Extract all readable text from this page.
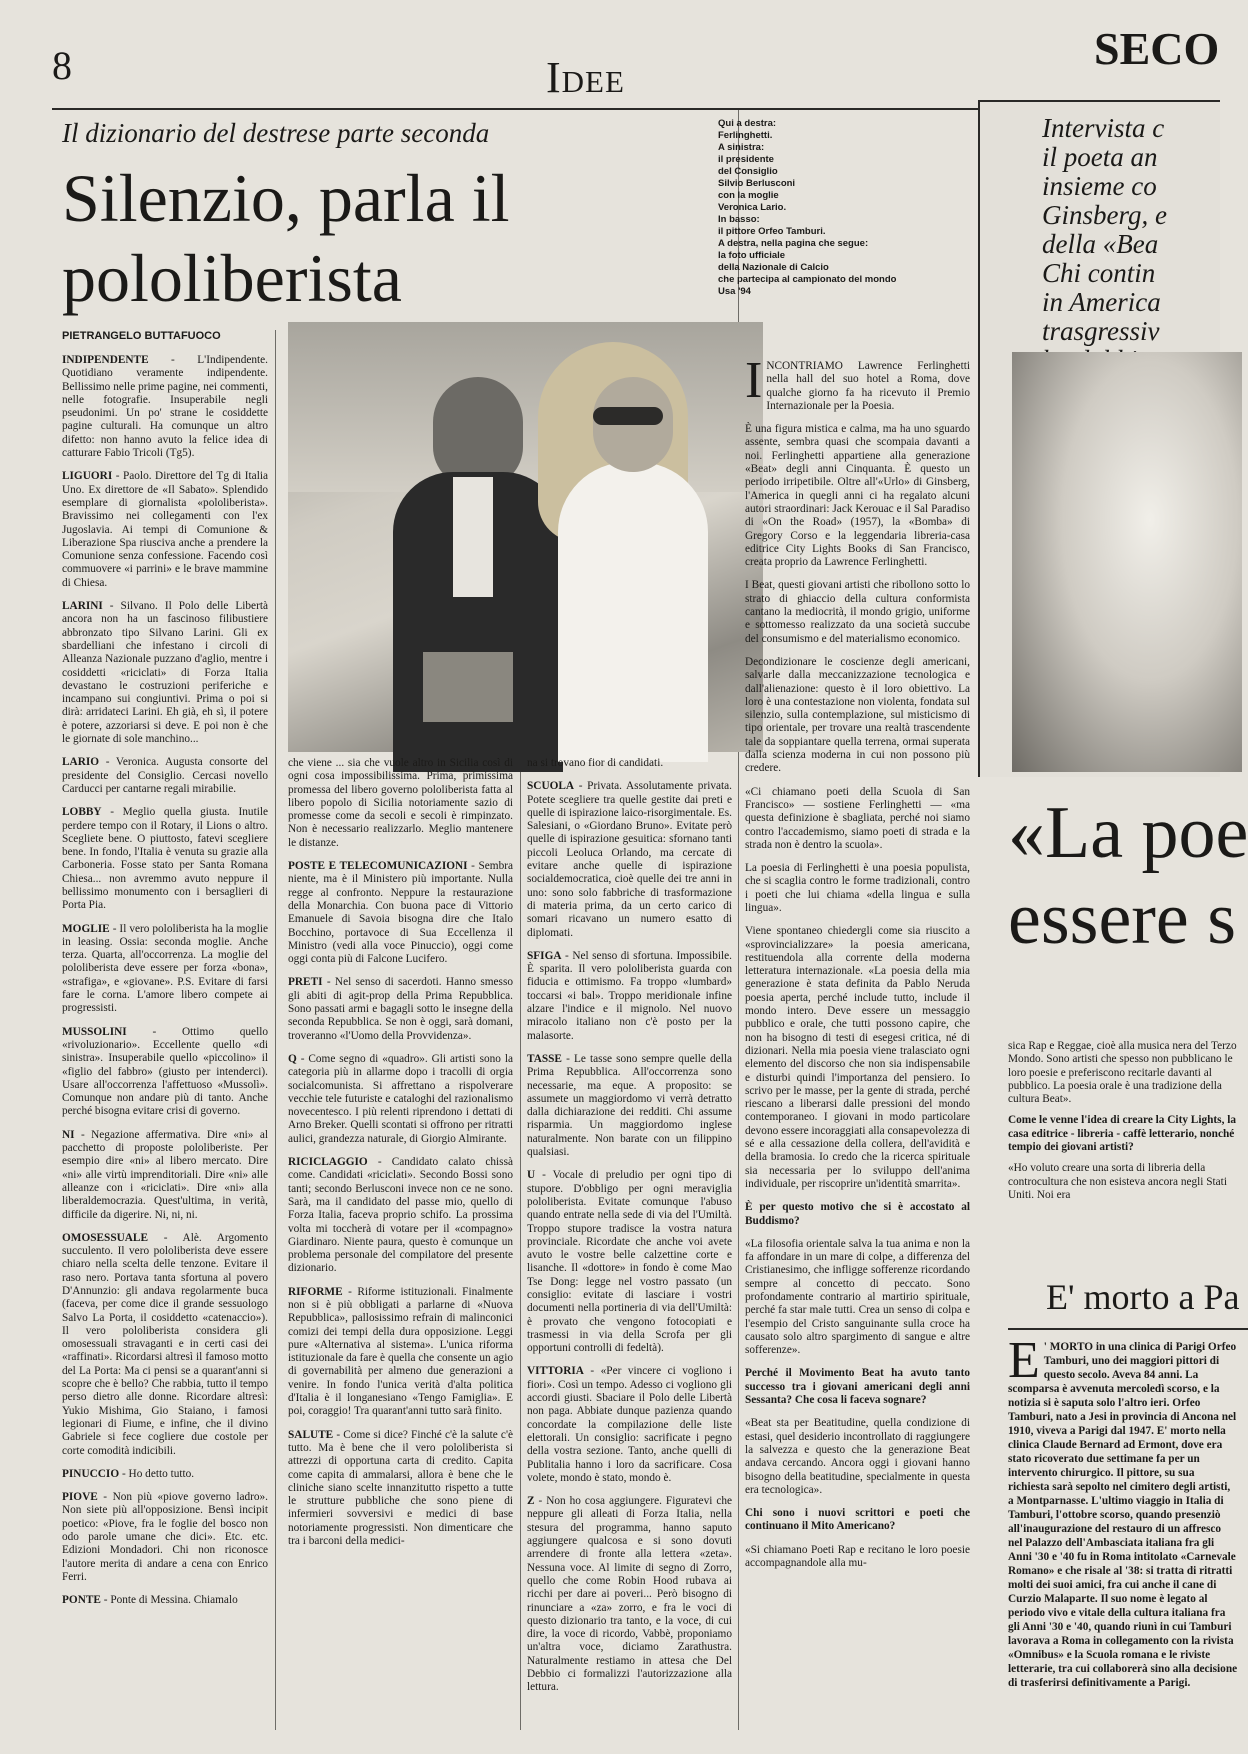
8	Idee
SECO
Il dizionario del destrese parte seconda
Silenzio, parla il pololiberista
PIETRANGELO BUTTAFUOCO
Qui a destra:
Ferlinghetti.
A sinistra:
il presidente
del Consiglio
Silvio Berlusconi
con la moglie
Veronica Lario.
In basso:
il pittore Orfeo Tamburi.
A destra, nella pagina che segue:
la foto ufficiale
della Nazionale di Calcio
che partecipa al campionato del mondo
Usa '94

INDIPENDENTE - L'Indipendente. Quotidiano veramente indipendente. Bellissimo nelle prime pagine, nei commenti, nelle fotografie. Insuperabile negli pseudonimi. Un po' strane le cosiddette pagine culturali. Ha comunque un altro difetto: non hanno avuto la felice idea di catturare Fabio Tricoli (Tg5).

LIGUORI - Paolo. Direttore del Tg di Italia Uno. Ex direttore de «Il Sabato». Splendido esemplare di giornalista «pololiberista». Bravissimo nei collegamenti con l'ex Jugoslavia. Ai tempi di Comunione & Liberazione Spa riusciva anche a prendere la Comunione senza confessione. Facendo così commuovere «i parrini» e le brave mammine di Chiesa.

LARINI - Silvano. Il Polo delle Libertà ancora non ha un fascinoso filibustiere abbronzato tipo Silvano Larini. Gli ex sbardelliani che infestano i circoli di Alleanza Nazionale puzzano d'aglio, mentre i cosiddetti «riciclati» di Forza Italia devastano le costruzioni periferiche e incampano sui congiuntivi. Prima o poi si dirà: arridateci Larini. Eh già, eh sì, il potere è potere, azzoriarsi si deve. E poi non è che le giornate di sole manchino...

LARIO - Veronica. Augusta consorte del presidente del Consiglio. Cercasi novello Carducci per cantarne regali mirabilie.

LOBBY - Meglio quella giusta. Inutile perdere tempo con il Rotary, il Lions o altro. Scegliete bene. O piuttosto, fatevi scegliere bene. In fondo, l'Italia è venuta su grazie alla Carboneria. Fosse stato per Santa Romana Chiesa... non avremmo avuto neppure il bellissimo monumento con i bersaglieri di Porta Pia.

MOGLIE - Il vero pololiberista ha la moglie in leasing. Ossia: seconda moglie. Anche terza. Quarta, all'occorrenza. La moglie del pololiberista deve essere per forza «bona», «strafiga», e «giovane». P.S. Evitare di farsi fare le corna. L'amore libero compete ai progressisti.

MUSSOLINI - Ottimo quello «rivoluzionario». Eccellente quello «di sinistra». Insuperabile quello «piccolino» il «figlio del fabbro» (giusto per intenderci). Usare all'occorrenza l'affettuoso «Mussolì». Comunque non andare più di tanto. Anche perché bisogna evitare crisi di governo.

NI - Negazione affermativa. Dire «ni» al pacchetto di proposte pololiberiste. Per esempio dire «ni» al libero mercato. Dire «ni» alle virtù imprenditoriali. Dire «ni» alle alleanze con i «riciclati». Dire «ni» alla liberaldemocrazia. Quest'ultima, in verità, difficile da digerire. Ni, ni, ni.

OMOSESSUALE - Alè. Argomento succulento. Il vero pololiberista deve essere chiaro nella scelta delle tenzone. Evitare il raso nero. Portava tanta sfortuna al povero D'Annunzio: gli andava regolarmente buca (faceva, per come dice il grande sessuologo Salvo La Porta, il cosiddetto «catenaccio»). Il vero pololiberista considera gli omosessuali stravaganti e in certi casi dei «raffinati». Ricordarsi altresì il famoso motto del La Porta: Ma ci pensi se a quarant'anni si scopre che è bello? Che rabbia, tutto il tempo perso dietro alle donne. Ricordare altresì: Yukio Mishima, Gio Staiano, i famosi legionari di Fiume, e infine, che il divino Gabriele si fece cogliere due costole per corte comodità indicibili.

PINUCCIO - Ho detto tutto.

PIOVE - Non più «piove governo ladro». Non siete più all'opposizione. Bensì incipit poetico: «Piove, fra le foglie del bosco non odo parole umane che dici». Etc. etc. Edizioni Mondadori. Chi non riconosce l'autore merita di andare a cena con Enrico Ferri.

PONTE - Ponte di Messina. Chiamalo

che viene ... sia che vuole altro in Sicilia così di ogni cosa impossibilissima. Prima, primissima promessa del libero governo pololiberista fatta al libero popolo di Sicilia notoriamente sazio di promesse come da secoli e secoli è rimpinzato. Non è necessario realizzarlo. Meglio mantenere le distanze.

POSTE E TELECOMUNICAZIONI - Sembra niente, ma è il Ministero più importante. Nulla regge al confronto. Neppure la restaurazione della Monarchia. Con buona pace di Vittorio Emanuele di Savoia bisogna dire che Italo Bocchino, portavoce di Sua Eccellenza il Ministro (vedi alla voce Pinuccio), oggi come oggi conta più di Falcone Lucifero.

PRETI - Nel senso di sacerdoti. Hanno smesso gli abiti di agit-prop della Prima Repubblica. Sono passati armi e bagagli sotto le insegne della seconda Repubblica. Se non è oggi, sarà domani, troveranno «l'Uomo della Provvidenza».

Q - Come segno di «quadro». Gli artisti sono la categoria più in allarme dopo i tracolli di orgia socialcomunista. Si affrettano a rispolverare vecchie tele futuriste e cataloghi del razionalismo novecentesco. I più relenti riprendono i dettati di Arno Breker. Quelli scontati si offrono per ritratti aulici, grandezza naturale, di Giorgio Almirante.

RICICLAGGIO - Candidato calato chissà come. Candidati «riciclati». Secondo Bossi sono tanti; secondo Berlusconi invece non ce ne sono. Sarà, ma il candidato del passe mio, quello di Forza Italia, faceva proprio schifo. La prossima volta mi toccherà di votare per il «compagno» Giardinaro. Niente paura, questo è comunque un problema personale del compilatore del presente dizionario.

RIFORME - Riforme istituzionali. Finalmente non si è più obbligati a parlarne di «Nuova Repubblica», pallosissimo refrain di malinconici comizi dei tempi della dura opposizione. Leggi pure «Alternativa al sistema». L'unica riforma istituzionale da fare è quella che consente un agio di governabilità per almeno due generazioni a venire. In fondo l'unica verità d'alta politica d'Italia è il longanesiano «Tengo Famiglia». E poi, coraggio! Tra quarant'anni tutto sarà finito.

SALUTE - Come si dice? Finché c'è la salute c'è tutto. Ma è bene che il vero pololiberista si attrezzi di opportuna carta di credito. Capita come capita di ammalarsi, allora è bene che le cliniche siano scelte innanzitutto rispetto a tutte le strutture pubbliche che sono piene di infermieri sovversivi e medici di base notoriamente progressisti. Non dimenticare che tra i barconi della medici-

na si trovano fior di candidati.

SCUOLA - Privata. Assolutamente privata. Potete scegliere tra quelle gestite dai preti e quelle di ispirazione laico-risorgimentale. Es. Salesiani, o «Giordano Bruno». Evitate però quelle di ispirazione gesuitica: sfornano tanti piccoli Leoluca Orlando, ma cercate di evitare anche quelle di ispirazione socialdemocratica, cioè quelle dei tre anni in uno: sono solo fabbriche di trasformazione di materia prima, da un certo carico di somari ricavano un numero esatto di diplomati.

SFIGA - Nel senso di sfortuna. Impossibile. È sparita. Il vero pololiberista guarda con fiducia e ottimismo. Fa troppo «lumbard» toccarsi «i bal». Troppo meridionale infine alzare l'indice e il mignolo. Nel nuovo miracolo italiano non c'è posto per la malasorte.

TASSE - Le tasse sono sempre quelle della Prima Repubblica. All'occorrenza sono necessarie, ma eque. A proposito: se assumete un maggiordomo vi verrà detratto dalla dichiarazione dei redditi. Chi assume risparmia. Un maggiordomo inglese naturalmente. Non barate con un filippino qualsiasi.

U - Vocale di preludio per ogni tipo di stupore. D'obbligo per ogni meraviglia pololiberista. Evitate comunque l'abuso quando entrate nella sede di via del l'Umiltà. Troppo stupore tradisce la vostra natura provinciale. Ricordate che anche voi avete avuto le vostre belle calzettine corte e lisanche. Il «dottore» in fondo è come Mao Tse Dong: legge nel vostro passato (un consiglio: evitate di lasciare i vostri documenti nella portineria di via dell'Umiltà: è provato che vengono fotocopiati e trasmessi in via della Scrofa per gli opportuni controlli di fedeltà).

VITTORIA - «Per vincere ci vogliono i fiori». Così un tempo. Adesso ci vogliono gli accordi giusti. Sbaciare il Polo delle Libertà non paga. Abbiate dunque pazienza quando concordate la compilazione delle liste elettorali. Un consiglio: sacrificate i pegno della vostra sezione. Tanto, anche quelli di Publitalia hanno i loro da sacrificare. Cosa volete, mondo è stato, mondo è.

Z - Non ho cosa aggiungere. Figuratevi che neppure gli alleati di Forza Italia, nella stesura del programma, hanno saputo aggiungere qualcosa e si sono dovuti arrendere di fronte alla lettera «zeta». Nessuna voce. Al limite di segno di Zorro, quello che come Robin Hood rubava ai ricchi per dare ai poveri... Però bisogno di rinunciare a «za» zorro, e fra le voci di questo dizionario tra tanto, e la voce, di cui dire, la voce di ricordo, Vabbè, proponiamo un'altra voce, diciamo Zarathustra. Naturalmente restiamo in attesa che Del Debbio ci formalizzi l'autorizzazione alla lettura.

INCONTRIAMO Lawrence Ferlinghetti nella hall del suo hotel a Roma, dove qualche giorno fa ha ricevuto il Premio Internazionale per la Poesia.

È una figura mistica e calma, ma ha uno sguardo assente, sembra quasi che scompaia davanti a noi. Ferlinghetti appartiene alla generazione «Beat» degli anni Cinquanta. È questo un periodo irripetibile. Oltre all'«Urlo» di Ginsberg, l'America in quegli anni ci ha regalato alcuni autori straordinari: Jack Kerouac e il Sal Paradiso di «On the Road» (1957), la «Bomba» di Gregory Corso e la leggendaria libreria-casa editrice City Lights Books di San Francisco, creata proprio da Lawrence Ferlinghetti.

I Beat, questi giovani artisti che ribollono sotto lo strato di ghiaccio della cultura conformista cantano la mediocrità, il mondo grigio, uniforme e sottomesso realizzato da una società succube del consumismo e del materialismo economico.

Decondizionare le coscienze degli americani, salvarle dalla meccanizzazione tecnologica e dall'alienazione: questo è il loro obiettivo. La loro è una contestazione non violenta, fondata sul silenzio, sulla contemplazione, sul misticismo di tipo orientale, per trovare una realtà trascendente tale da soppiantare quella terrena, ormai superata dalla scienza moderna in cui non possono più credere.

«Ci chiamano poeti della Scuola di San Francisco» — sostiene Ferlinghetti — «ma questa definizione è sbagliata, perché noi siamo contro l'accademismo, siamo poeti di strada e la strada non è dentro la scuola».

La poesia di Ferlinghetti è una poesia populista, che si scaglia contro le forme tradizionali, contro i poeti che lui chiama «della lingua e sulla lingua».

Viene spontaneo chiedergli come sia riuscito a «sprovincializzare» la poesia americana, restituendola alla corrente della moderna letteratura internazionale. «La poesia della mia generazione è stata definita da Pablo Neruda poesia aperta, perché include tutto, include il mondo intero. Deve essere un messaggio pubblico e orale, che tutti possono capire, che non ha bisogno di testi di esegesi critica, né di dizionari. Nella mia poesia viene tralasciato ogni elemento del discorso che non sia indispensabile e disturbi quindi l'importanza del pensiero. Io scrivo per le masse, per la gente di strada, perché riescano a liberarsi dalle pressioni del mondo contemporaneo. I giovani in modo particolare devono essere incoraggiati alla consapevolezza di sé e alla cessazione della collera, dell'avidità e della bramosia. Io credo che la ricerca spirituale sia necessaria per lo sviluppo dell'anima individuale, per riscoprire un'identità smarrita».

È per questo motivo che si è accostato al Buddismo?

«La filosofia orientale salva la tua anima e non la fa affondare in un mare di colpe, a differenza del Cristianesimo, che infligge sofferenze ricordando sempre al concetto di peccato. Sono profondamente contrario al martirio spirituale, perché fa star male tutti. Crea un senso di colpa e l'esempio del Cristo sanguinante sulla croce ha causato solo altro spargimento di sangue e altre sofferenze».

Perché il Movimento Beat ha avuto tanto successo tra i giovani americani degli anni Sessanta? Che cosa li faceva sognare?

«Beat sta per Beatitudine, quella condizione di estasi, quel desiderio incontrollato di raggiungere la salvezza e questo che la generazione Beat andava cercando. Ancora oggi i giovani hanno bisogno della beatitudine, specialmente in questa era tecnologica».

Chi sono i nuovi scrittori e poeti che continuano il Mito Americano?

«Si chiamano Poeti Rap e recitano le loro poesie accompagnandole alla mu-

Intervista c
il poeta an
insieme co
Ginsberg, e
della «Bea
Chi contin
in America
trasgressiv
«La poe
essere s

sica Rap e Reggae, cioè alla musica nera del Terzo Mondo. Sono artisti che spesso non pubblicano le loro poesie e preferiscono recitarle davanti al pubblico. La poesia orale è una tradizione della cultura Beat».

Come le venne l'idea di creare la City Lights, la casa editrice - libreria - caffè letterario, nonché tempio dei giovani artisti?

«Ho voluto creare una sorta di libreria della controcultura che non esisteva ancora negli Stati Uniti. Noi era

E' morto a Pa
E ' MORTO in una clinica di Parigi Orfeo Tamburi, uno dei maggiori pittori di questo secolo. Aveva 84 anni. La scomparsa è avvenuta mercoledì scorso, e la notizia si è saputa solo l'altro ieri. Orfeo Tamburi, nato a Jesi in provincia di Ancona nel 1910, viveva a Parigi dal 1947. E' morto nella clinica Claude Bernard ad Ermont, dove era stato ricoverato due settimane fa per un intervento chirurgico. Il pittore, su sua richiesta sarà sepolto nel cimitero degli artisti, a Montparnasse. L'ultimo viaggio in Italia di Tamburi, l'ottobre scorso, quando presenziò all'inaugurazione del restauro di un affresco nel Palazzo dell'Ambasciata italiana fra gli Anni '30 e '40 fu in Roma intitolato «Carnevale Romano» e che risale al '38: si tratta di ritratti molti dei suoi amici, fra cui anche il cane di Curzio Malaparte. Il suo nome è legato al periodo vivo e vitale della cultura italiana fra gli Anni '30 e '40, quando riunì in cui Tamburi lavorava a Roma in collegamento con la rivista «Omnibus» e la Scuola romana e le riviste letterarie, tra cui collaborerà sino alla decisione di trasferirsi definitivamente a Parigi.
